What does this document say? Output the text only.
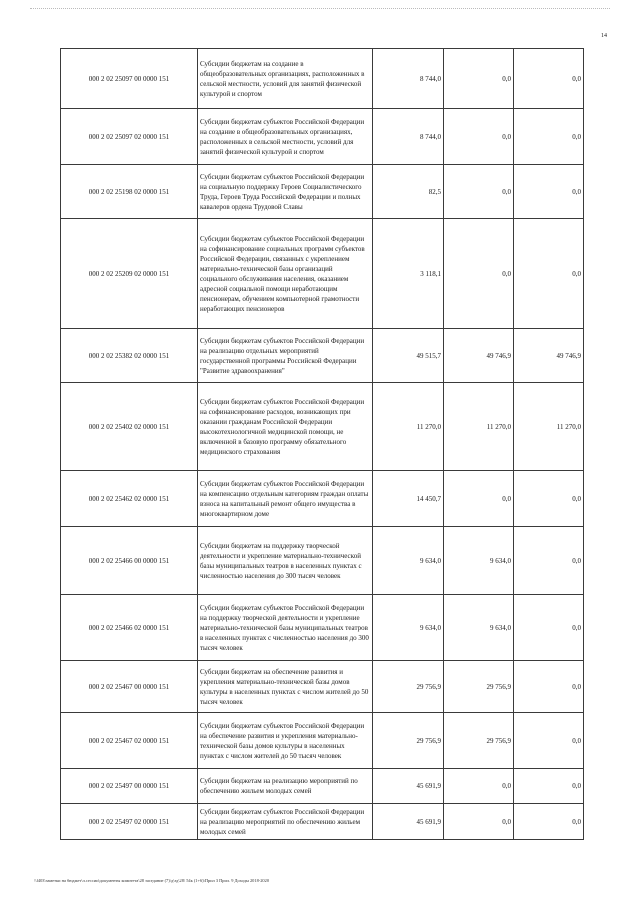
14
000 2 02 25097 00 0000 151	Субсидии бюджетам на создание в общеобразовательных организациях, расположенных в сельской местности, условий для занятий физической культурой и спортом	8 744,0	0,0	0,0
000 2 02 25097 02 0000 151	Субсидии бюджетам субъектов Российской Федерации на создание в общеобразовательных организациях, расположенных в сельской местности, условий для занятий физической культурой и спортом	8 744,0	0,0	0,0
000 2 02 25198 02 0000 151	Субсидии бюджетам субъектов Российской Федерации на социальную поддержку Героев Социалистического Труда, Героев Труда Российской Федерации и полных кавалеров ордена Трудовой Славы	82,5	0,0	0,0
000 2 02 25209 02 0000 151	Субсидии бюджетам субъектов Российской Федерации на софинансирование социальных программ субъектов Российской Федерации, связанных с укреплением материально-технической базы организаций социального обслуживания населения, оказанием адресной социальной помощи неработающим пенсионерам, обучением компьютерной грамотности неработающих пенсионеров	3 118,1	0,0	0,0
000 2 02 25382 02 0000 151	Субсидии бюджетам субъектов Российской Федерации на реализацию отдельных мероприятий государственной программы Российской Федерации "Развитие здравоохранения"	49 515,7	49 746,9	49 746,9
000 2 02 25402 02 0000 151	Субсидии бюджетам субъектов Российской Федерации на софинансирование расходов, возникающих при оказании гражданам Российской Федерации высокотехнологичной медицинской помощи, не включенной в базовую программу обязательного медицинского страхования	11 270,0	11 270,0	11 270,0
000 2 02 25462 02 0000 151	Субсидии бюджетам субъектов Российской Федерации на компенсацию отдельным категориям граждан оплаты взноса на капитальный ремонт общего имущества в многоквартирном доме	14 450,7	0,0	0,0
000 2 02 25466 00 0000 151	Субсидии бюджетам на поддержку творческой деятельности и укрепление материально-технической базы муниципальных театров в населенных пунктах с численностью населения до 300 тысяч человек	9 634,0	9 634,0	0,0
000 2 02 25466 02 0000 151	Субсидии бюджетам субъектов Российской Федерации на поддержку творческой деятельности и укрепление материально-технической базы муниципальных театров в населенных пунктах с численностью населения до 300 тысяч человек	9 634,0	9 634,0	0,0
000 2 02 25467 00 0000 151	Субсидии бюджетам на обеспечение развития и укрепления материально-технической базы домов культуры в населенных пунктах с числом жителей до 50 тысяч человек	29 756,9	29 756,9	0,0
000 2 02 25467 02 0000 151	Субсидии бюджетам субъектов Российской Федерации на обеспечение развития и укрепления материально-технической базы домов культуры в населенных пунктах с числом жителей до 50 тысяч человек	29 756,9	29 756,9	0,0
000 2 02 25497 00 0000 151	Субсидии бюджетам на реализацию мероприятий по обеспечению жильем молодых семей	45 691,9	0,0	0,0
000 2 02 25497 02 0000 151	Субсидии бюджетам субъектов Российской Федерации на реализацию мероприятий по обеспечению жильем молодых семей	45 691,9	0,0	0,0
\\f403\заметки на бюджет\л.сессии\документы комитета\28 заседание (7)\д\зд\28\ 54к (1+6)\Прил 3 Прил. 9 Доходы 2018-2020
